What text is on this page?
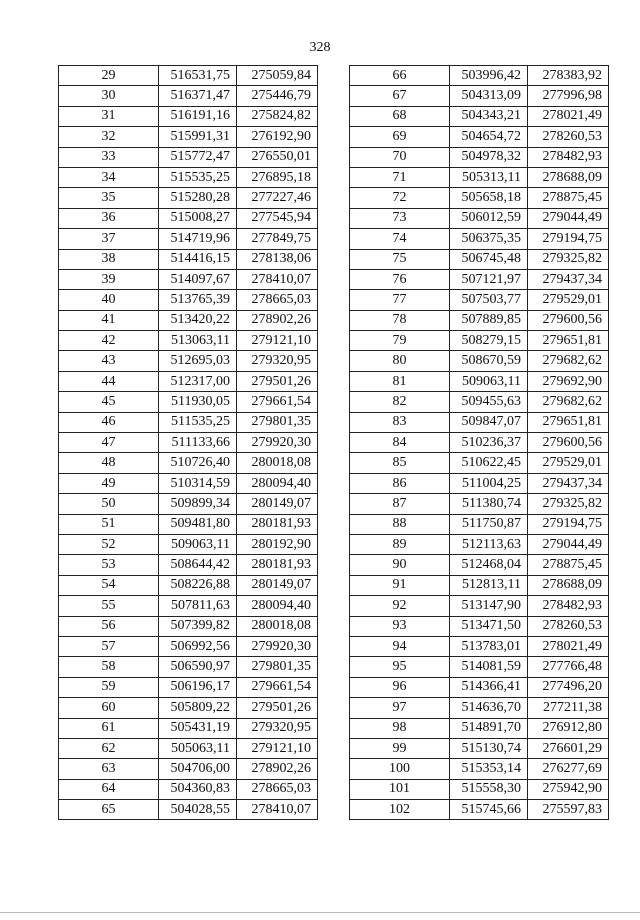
328
29	516531,75	275059,84
30	516371,47	275446,79
31	516191,16	275824,82
32	515991,31	276192,90
33	515772,47	276550,01
34	515535,25	276895,18
35	515280,28	277227,46
36	515008,27	277545,94
37	514719,96	277849,75
38	514416,15	278138,06
39	514097,67	278410,07
40	513765,39	278665,03
41	513420,22	278902,26
42	513063,11	279121,10
43	512695,03	279320,95
44	512317,00	279501,26
45	511930,05	279661,54
46	511535,25	279801,35
47	511133,66	279920,30
48	510726,40	280018,08
49	510314,59	280094,40
50	509899,34	280149,07
51	509481,80	280181,93
52	509063,11	280192,90
53	508644,42	280181,93
54	508226,88	280149,07
55	507811,63	280094,40
56	507399,82	280018,08
57	506992,56	279920,30
58	506590,97	279801,35
59	506196,17	279661,54
60	505809,22	279501,26
61	505431,19	279320,95
62	505063,11	279121,10
63	504706,00	278902,26
64	504360,83	278665,03
65	504028,55	278410,07
66	503996,42	278383,92
67	504313,09	277996,98
68	504343,21	278021,49
69	504654,72	278260,53
70	504978,32	278482,93
71	505313,11	278688,09
72	505658,18	278875,45
73	506012,59	279044,49
74	506375,35	279194,75
75	506745,48	279325,82
76	507121,97	279437,34
77	507503,77	279529,01
78	507889,85	279600,56
79	508279,15	279651,81
80	508670,59	279682,62
81	509063,11	279692,90
82	509455,63	279682,62
83	509847,07	279651,81
84	510236,37	279600,56
85	510622,45	279529,01
86	511004,25	279437,34
87	511380,74	279325,82
88	511750,87	279194,75
89	512113,63	279044,49
90	512468,04	278875,45
91	512813,11	278688,09
92	513147,90	278482,93
93	513471,50	278260,53
94	513783,01	278021,49
95	514081,59	277766,48
96	514366,41	277496,20
97	514636,70	277211,38
98	514891,70	276912,80
99	515130,74	276601,29
100	515353,14	276277,69
101	515558,30	275942,90
102	515745,66	275597,83
